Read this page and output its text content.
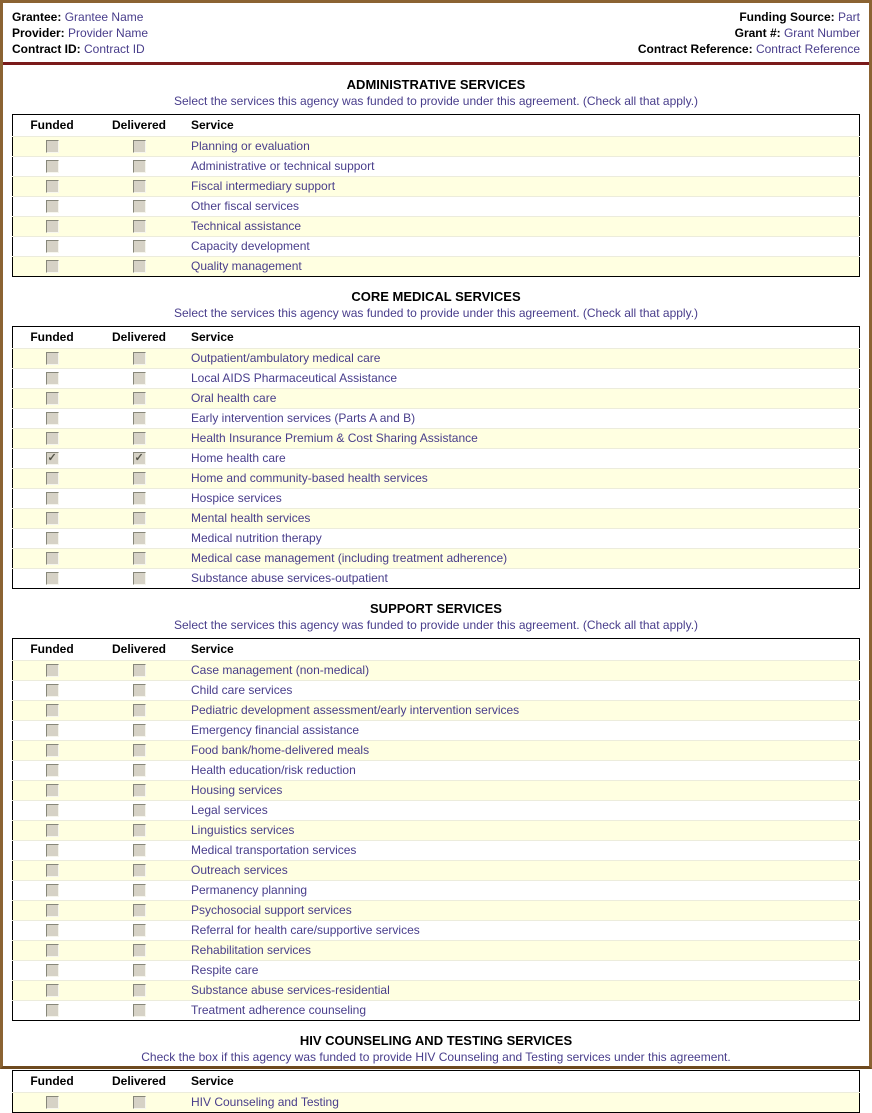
Grantee: Grantee Name
Provider: Provider Name
Contract ID: Contract ID
Funding Source: Part
Grant #: Grant Number
Contract Reference: Contract Reference
ADMINISTRATIVE SERVICES

Select the services this agency was funded to provide under this agreement. (Check all that apply.)

Funded	Delivered	Service
		Planning or evaluation
		Administrative or technical support
		Fiscal intermediary support
		Other fiscal services
		Technical assistance
		Capacity development
		Quality management
CORE MEDICAL SERVICES

Select the services this agency was funded to provide under this agreement. (Check all that apply.)

Funded	Delivered	Service
		Outpatient/ambulatory medical care
		Local AIDS Pharmaceutical Assistance
		Oral health care
		Early intervention services (Parts A and B)
		Health Insurance Premium & Cost Sharing Assistance
✓	✓	Home health care
		Home and community-based health services
		Hospice services
		Mental health services
		Medical nutrition therapy
		Medical case management (including treatment adherence)
		Substance abuse services-outpatient
SUPPORT SERVICES

Select the services this agency was funded to provide under this agreement. (Check all that apply.)

Funded	Delivered	Service
		Case management (non-medical)
		Child care services
		Pediatric development assessment/early intervention services
		Emergency financial assistance
		Food bank/home-delivered meals
		Health education/risk reduction
		Housing services
		Legal services
		Linguistics services
		Medical transportation services
		Outreach services
		Permanency planning
		Psychosocial support services
		Referral for health care/supportive services
		Rehabilitation services
		Respite care
		Substance abuse services-residential
		Treatment adherence counseling
HIV COUNSELING AND TESTING SERVICES

Check the box if this agency was funded to provide HIV Counseling and Testing services under this agreement.

Funded	Delivered	Service
		HIV Counseling and Testing
